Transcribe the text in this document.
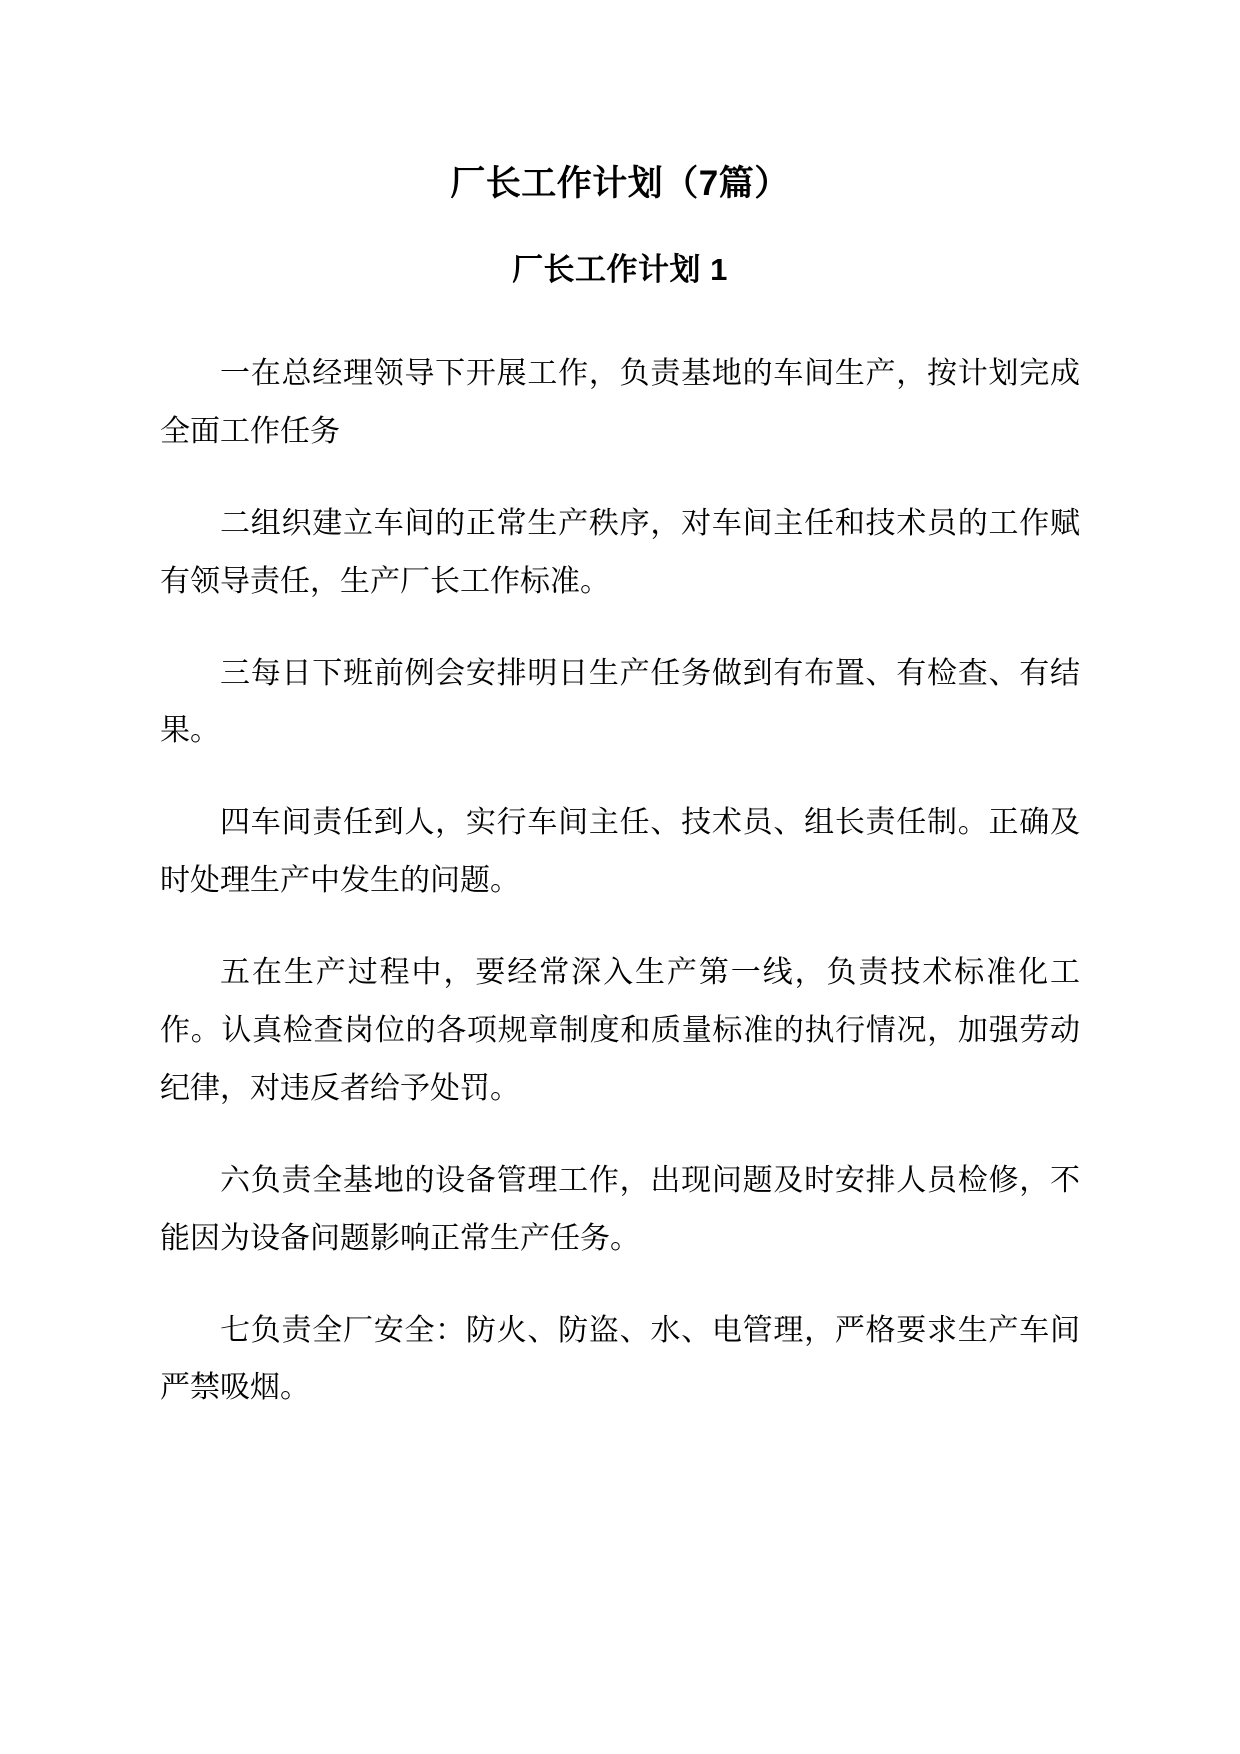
厂长工作计划（7篇）
厂长工作计划 1

一在总经理领导下开展工作，负责基地的车间生产，按计划完成全面工作任务

二组织建立车间的正常生产秩序，对车间主任和技术员的工作赋有领导责任，生产厂长工作标准。

三每日下班前例会安排明日生产任务做到有布置、有检查、有结果。

四车间责任到人，实行车间主任、技术员、组长责任制。正确及时处理生产中发生的问题。

五在生产过程中，要经常深入生产第一线，负责技术标准化工作。认真检查岗位的各项规章制度和质量标准的执行情况，加强劳动纪律，对违反者给予处罚。

六负责全基地的设备管理工作，出现问题及时安排人员检修，不能因为设备问题影响正常生产任务。

七负责全厂安全：防火、防盗、水、电管理，严格要求生产车间严禁吸烟。
